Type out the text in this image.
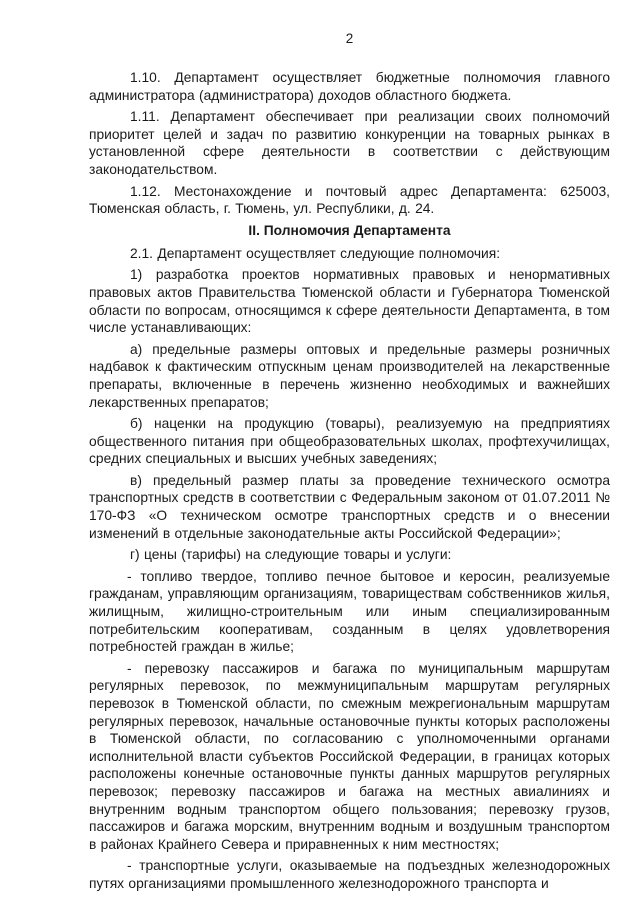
2

1.10. Департамент осуществляет бюджетные полномочия главного администратора (администратора) доходов областного бюджета.

1.11. Департамент обеспечивает при реализации своих полномочий приоритет целей и задач по развитию конкуренции на товарных рынках в установленной сфере деятельности в соответствии с действующим законодательством.

1.12. Местонахождение и почтовый адрес Департамента: 625003, Тюменская область, г. Тюмень, ул. Республики, д. 24.

II. Полномочия Департамента

2.1. Департамент осуществляет следующие полномочия:

1) разработка проектов нормативных правовых и ненормативных правовых актов Правительства Тюменской области и Губернатора Тюменской области по вопросам, относящимся к сфере деятельности Департамента, в том числе устанавливающих:

а) предельные размеры оптовых и предельные размеры розничных надбавок к фактическим отпускным ценам производителей на лекарственные препараты, включенные в перечень жизненно необходимых и важнейших лекарственных препаратов;

б) наценки на продукцию (товары), реализуемую на предприятиях общественного питания при общеобразовательных школах, профтехучилищах, средних специальных и высших учебных заведениях;

в) предельный размер платы за проведение технического осмотра транспортных средств в соответствии с Федеральным законом от 01.07.2011 № 170-ФЗ «О техническом осмотре транспортных средств и о внесении изменений в отдельные законодательные акты Российской Федерации»;

г) цены (тарифы) на следующие товары и услуги:

- топливо твердое, топливо печное бытовое и керосин, реализуемые гражданам, управляющим организациям, товариществам собственников жилья, жилищным, жилищно-строительным или иным специализированным потребительским кооперативам, созданным в целях удовлетворения потребностей граждан в жилье;

- перевозку пассажиров и багажа по муниципальным маршрутам регулярных перевозок, по межмуниципальным маршрутам регулярных перевозок в Тюменской области, по смежным межрегиональным маршрутам регулярных перевозок, начальные остановочные пункты которых расположены в Тюменской области, по согласованию с уполномоченными органами исполнительной власти субъектов Российской Федерации, в границах которых расположены конечные остановочные пункты данных маршрутов регулярных перевозок; перевозку пассажиров и багажа на местных авиалиниях и внутренним водным транспортом общего пользования; перевозку грузов, пассажиров и багажа морским, внутренним водным и воздушным транспортом в районах Крайнего Севера и приравненных к ним местностях;

- транспортные услуги, оказываемые на подъездных железнодорожных путях организациями промышленного железнодорожного транспорта и
